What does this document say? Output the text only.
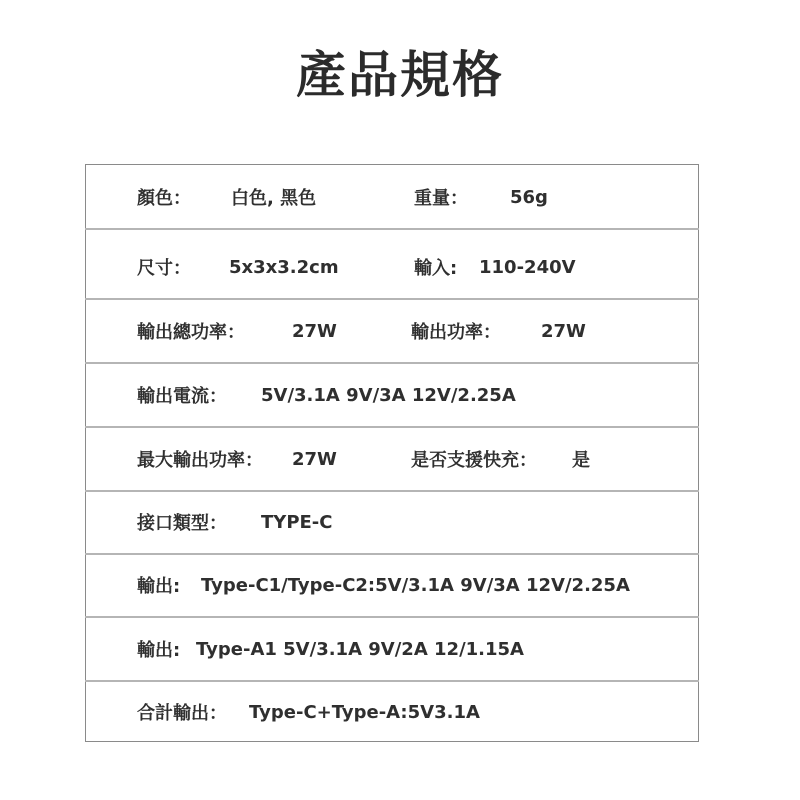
產品規格
顏色： 白色, 黑色	重量： 56g
尺寸： 5x3x3.2cm	輸入: 110-240V
輸出總功率：	27W	輸出功率： 27W
輸出電流： 5V/3.1A 9V/3A 12V/2.25A
最大輸出功率： 27W	是否支援快充： 是
接口類型： TYPE-C
輸出: Type-C1/Type-C2:5V/3.1A 9V/3A 12V/2.25A
輸出: Type-A1 5V/3.1A 9V/2A 12/1.15A
合計輸出： Type-C+Type-A:5V3.1A
